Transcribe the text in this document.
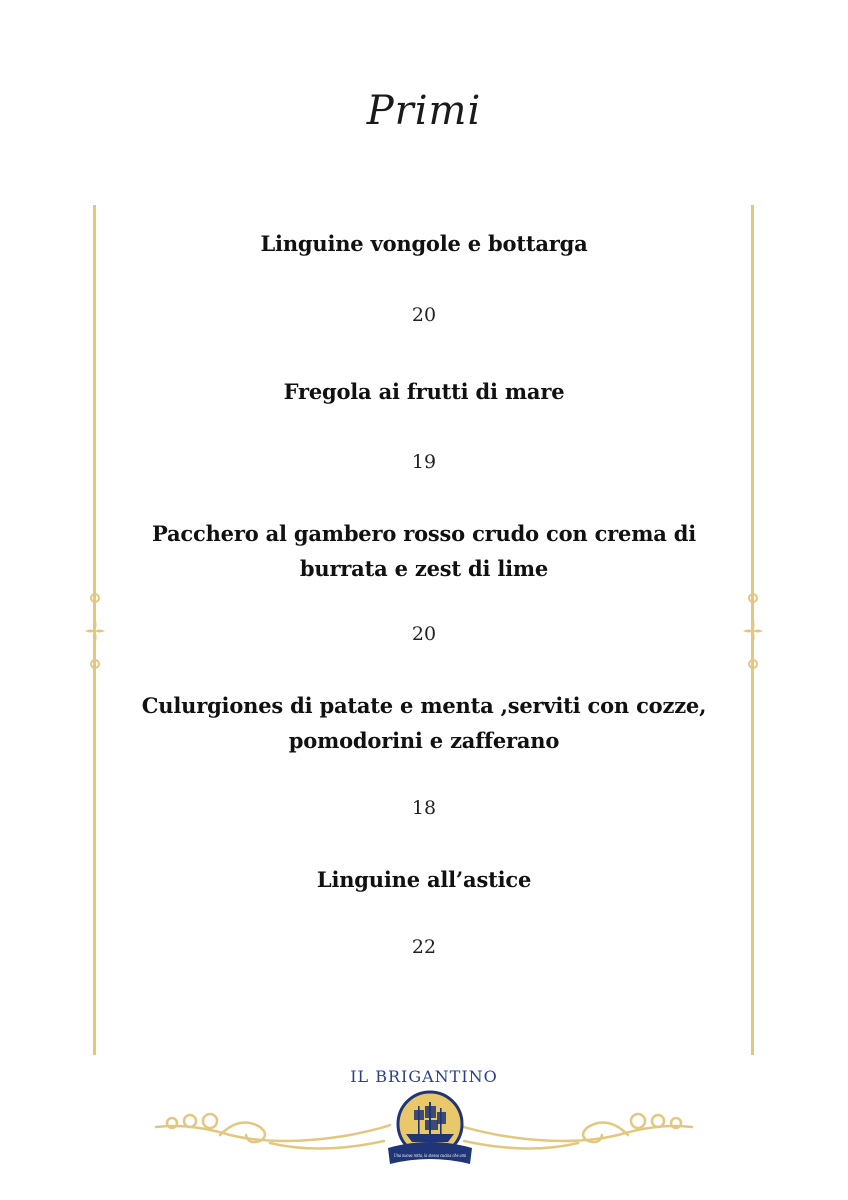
Primi

Linguine vongole e bottarga

20

Fregola ai frutti di mare

19

Pacchero al gambero rosso crudo con crema di burrata e zest di lime

20

Culurgiones di patate e menta ,serviti con cozze, pomodorini e zafferano

18

Linguine all’astice

22

IL BRIGANTINO
Una nuova rotta, la stessa cucina che ami
